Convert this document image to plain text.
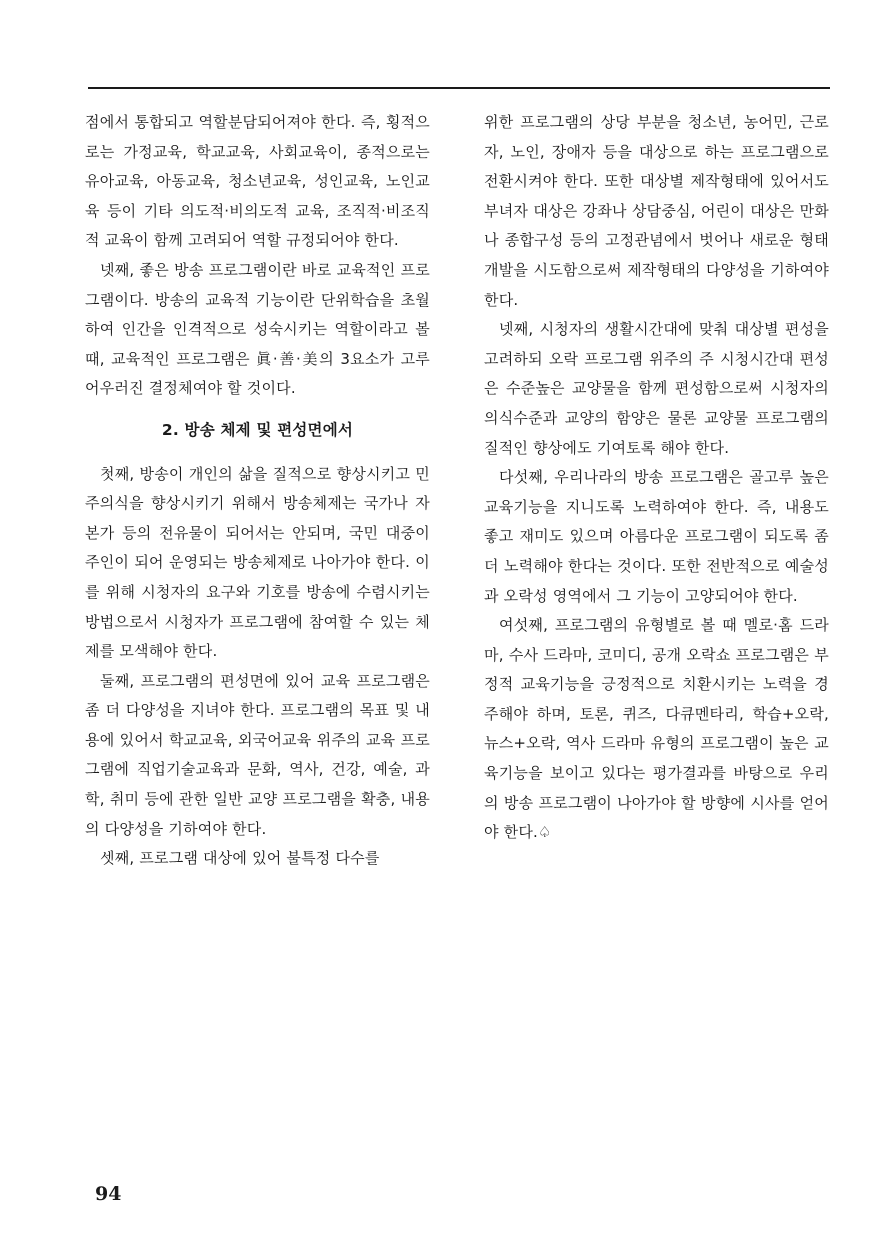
점에서 통합되고 역할분담되어져야 한다. 즉, 횡적으로는 가정교육, 학교교육, 사회교육이, 종적으로는 유아교육, 아동교육, 청소년교육, 성인교육, 노인교육 등이 기타 의도적·비의도적 교육, 조직적·비조직적 교육이 함께 고려되어 역할 규정되어야 한다.

넷째, 좋은 방송 프로그램이란 바로 교육적인 프로그램이다. 방송의 교육적 기능이란 단위학습을 초월하여 인간을 인격적으로 성숙시키는 역할이라고 볼 때, 교육적인 프로그램은 眞·善·美의 3요소가 고루 어우러진 결정체여야 할 것이다.

2. 방송 체제 및 편성면에서

첫째, 방송이 개인의 삶을 질적으로 향상시키고 민주의식을 향상시키기 위해서 방송체제는 국가나 자본가 등의 전유물이 되어서는 안되며, 국민 대중이 주인이 되어 운영되는 방송체제로 나아가야 한다. 이를 위해 시청자의 요구와 기호를 방송에 수렴시키는 방법으로서 시청자가 프로그램에 참여할 수 있는 체제를 모색해야 한다.

둘째, 프로그램의 편성면에 있어 교육 프로그램은 좀 더 다양성을 지녀야 한다. 프로그램의 목표 및 내용에 있어서 학교교육, 외국어교육 위주의 교육 프로그램에 직업기술교육과 문화, 역사, 건강, 예술, 과학, 취미 등에 관한 일반 교양 프로그램을 확충, 내용의 다양성을 기하여야 한다.

셋째, 프로그램 대상에 있어 불특정 다수를

위한 프로그램의 상당 부분을 청소년, 농어민, 근로자, 노인, 장애자 등을 대상으로 하는 프로그램으로 전환시켜야 한다. 또한 대상별 제작형태에 있어서도 부녀자 대상은 강좌나 상담중심, 어린이 대상은 만화나 종합구성 등의 고정관념에서 벗어나 새로운 형태 개발을 시도함으로써 제작형태의 다양성을 기하여야 한다.

넷째, 시청자의 생활시간대에 맞춰 대상별 편성을 고려하되 오락 프로그램 위주의 주 시청시간대 편성은 수준높은 교양물을 함께 편성함으로써 시청자의 의식수준과 교양의 함양은 물론 교양물 프로그램의 질적인 향상에도 기여토록 해야 한다.

다섯째, 우리나라의 방송 프로그램은 골고루 높은 교육기능을 지니도록 노력하여야 한다. 즉, 내용도 좋고 재미도 있으며 아름다운 프로그램이 되도록 좀 더 노력해야 한다는 것이다. 또한 전반적으로 예술성과 오락성 영역에서 그 기능이 고양되어야 한다.

여섯째, 프로그램의 유형별로 볼 때 멜로·홈 드라마, 수사 드라마, 코미디, 공개 오락쇼 프로그램은 부정적 교육기능을 긍정적으로 치환시키는 노력을 경주해야 하며, 토론, 퀴즈, 다큐멘타리, 학습+오락, 뉴스+오락, 역사 드라마 유형의 프로그램이 높은 교육기능을 보이고 있다는 평가결과를 바탕으로 우리의 방송 프로그램이 나아가야 할 방향에 시사를 얻어야 한다.♤

94
